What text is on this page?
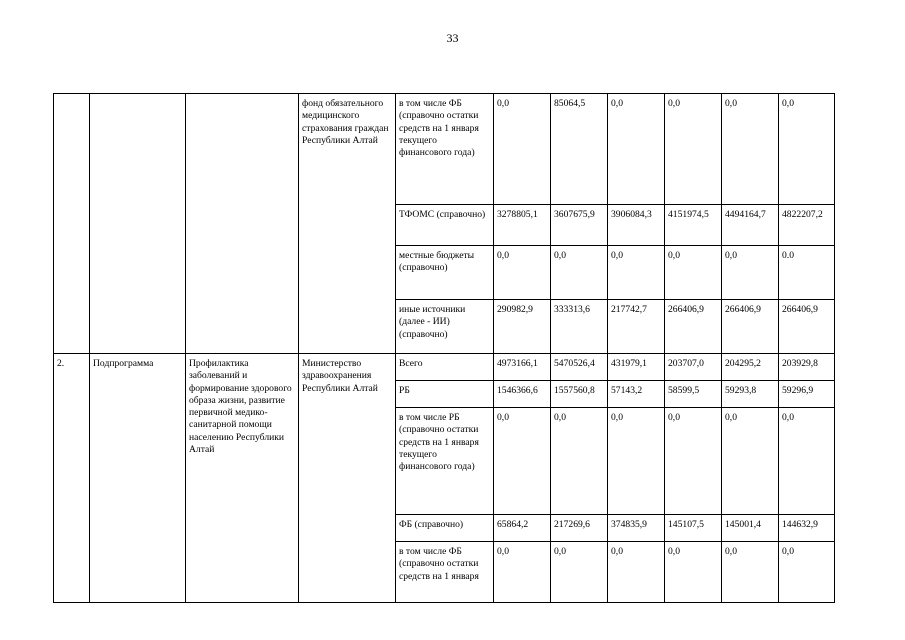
33
			фонд обязательного медицинского страхования граждан Республики Алтай	в том числе ФБ (справочно остатки средств на 1 января текущего финансового года)	0,0	85064,5	0,0	0,0	0,0	0,0
				ТФОМС (справочно)	3278805,1	3607675,9	3906084,3	4151974,5	4494164,7	4822207,2
				местные бюджеты (справочно)	0,0	0,0	0,0	0,0	0,0	0.0
				иные источники (далее - ИИ) (справочно)	290982,9	333313,6	217742,7	266406,9	266406,9	266406,9
2.	Подпрограмма	Профилактика заболеваний и формирование здорового образа жизни, развитие первичной медико-санитарной помощи населению Республики Алтай	Министерство здравоохранения Республики Алтай	Всего	4973166,1	5470526,4	431979,1	203707,0	204295,2	203929,8
				РБ	1546366,6	1557560,8	57143,2	58599,5	59293,8	59296,9
				в том числе РБ (справочно остатки средств на 1 января текущего финансового года)	0,0	0,0	0,0	0,0	0,0	0,0
				ФБ (справочно)	65864,2	217269,6	374835,9	145107,5	145001,4	144632,9
				в том числе ФБ (справочно остатки средств на 1 января	0,0	0,0	0,0	0,0	0,0	0,0
